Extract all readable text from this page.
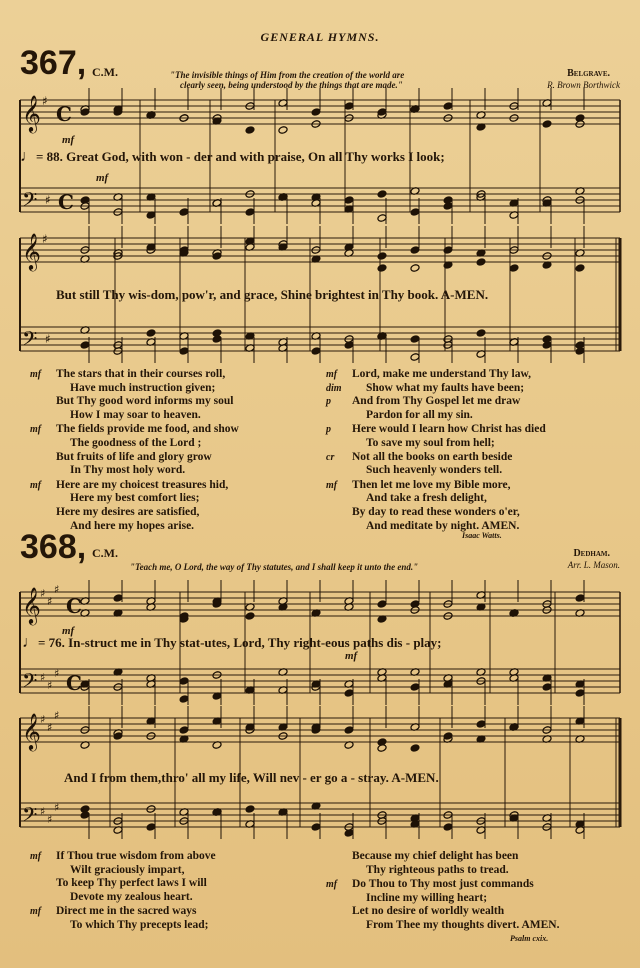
GENERAL HYMNS.
367, C.M.	"The invisible things of Him from the creation of the world are
clearly seen, being understood by the things that are made."
Belgrave.
R. Brown Borthwick
𝄞
𝄢
𝄞
𝄢
𝄞
𝄢
𝄞
𝄢
♯
♯
♯
♯
♯
♯
♯
♯
♯
♯
♯
♯
♯
♯
♯
♯
C
C
C
C
mf
mf
mf
mf
♩= 88. Great God, with won - der and with praise, On all Thy works I look;
But still Thy wis-dom, pow'r, and grace, Shine brightest in Thy book. A-MEN.
The stars that in their courses roll,
mf
Have much instruction given;
But Thy good word informs my soul
How I may soar to heaven.
The fields provide me food, and show
mf
The goodness of the Lord ;
But fruits of life and glory grow
In Thy most holy word.
Here are my choicest treasures hid,
mf
Here my best comfort lies;
Here my desires are satisfied,
And here my hopes arise.
Lord, make me understand Thy law,
mf
Show what my faults have been;
dim
And from Thy Gospel let me draw
p
Pardon for all my sin.
Here would I learn how Christ has died
p
To save my soul from hell;
Not all the books on earth beside
cr
Such heavenly wonders tell.
Then let me love my Bible more,
mf
And take a fresh delight,
By day to read these wonders o'er,
And meditate by night. AMEN.
Isaac Watts.
368, C.M.
"Teach me, O Lord, the way of Thy statutes, and I shall keep it unto the end."
Dedham.
Arr. L. Mason.
♩= 76. In-struct me in Thy stat-utes, Lord, Thy right-eous paths dis - play;
And I from them,thro' all my life, Will nev - er go a - stray. A-MEN.
If Thou true wisdom from above
mf
Wilt graciously impart,
To keep Thy perfect laws I will
Devote my zealous heart.
Direct me in the sacred ways
mf
To which Thy precepts lead;
Because my chief delight has been
Thy righteous paths to tread.
Do Thou to Thy most just commands
mf
Incline my willing heart;
Let no desire of worldly wealth
From Thee my thoughts divert. AMEN.
Psalm cxix.
